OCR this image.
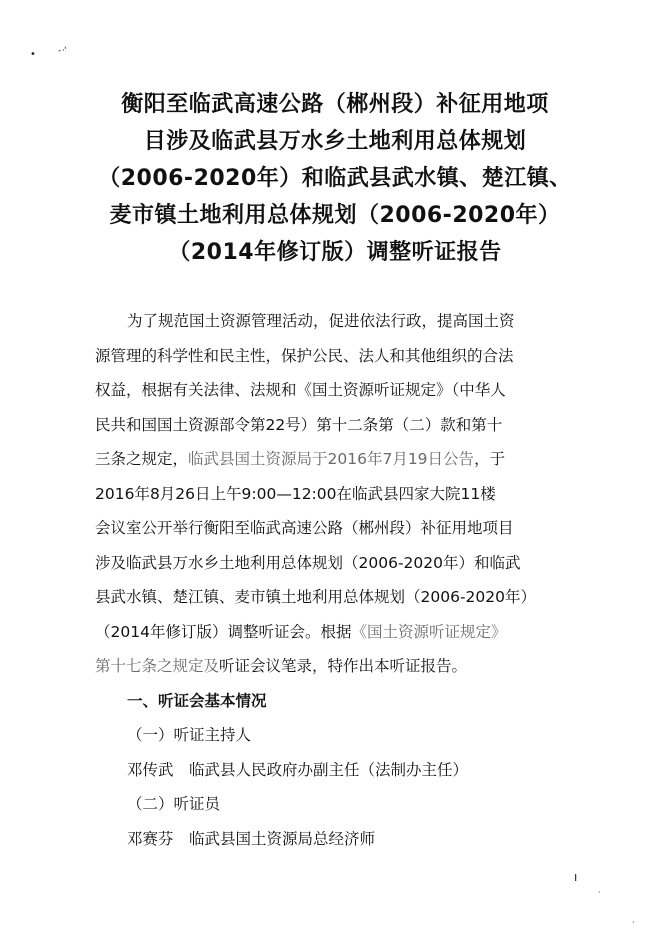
• - ·'
ı
·
·
衡阳至临武高速公路（郴州段）补征用地项
目涉及临武县万水乡土地利用总体规划
（2006-2020年）和临武县武水镇、楚江镇、
麦市镇土地利用总体规划（2006-2020年）
（2014年修订版）调整听证报告
为了规范国土资源管理活动，促进依法行政，提高国土资
源管理的科学性和民主性，保护公民、法人和其他组织的合法
权益，根据有关法律、法规和《国土资源听证规定》（中华人
民共和国国土资源部令第22号）第十二条第（二）款和第十
三条之规定，临武县国土资源局于2016年7月19日公告，于
2016年8月26日上午9:00—12:00在临武县四家大院11楼
会议室公开举行衡阳至临武高速公路（郴州段）补征用地项目
涉及临武县万水乡土地利用总体规划（2006-2020年）和临武
县武水镇、楚江镇、麦市镇土地利用总体规划（2006-2020年）
（2014年修订版）调整听证会。根据《国土资源听证规定》
第十七条之规定及听证会议笔录，特作出本听证报告。
一、听证会基本情况
（一）听证主持人
邓传武　临武县人民政府办副主任（法制办主任）
（二）听证员
邓赛芬　临武县国土资源局总经济师
